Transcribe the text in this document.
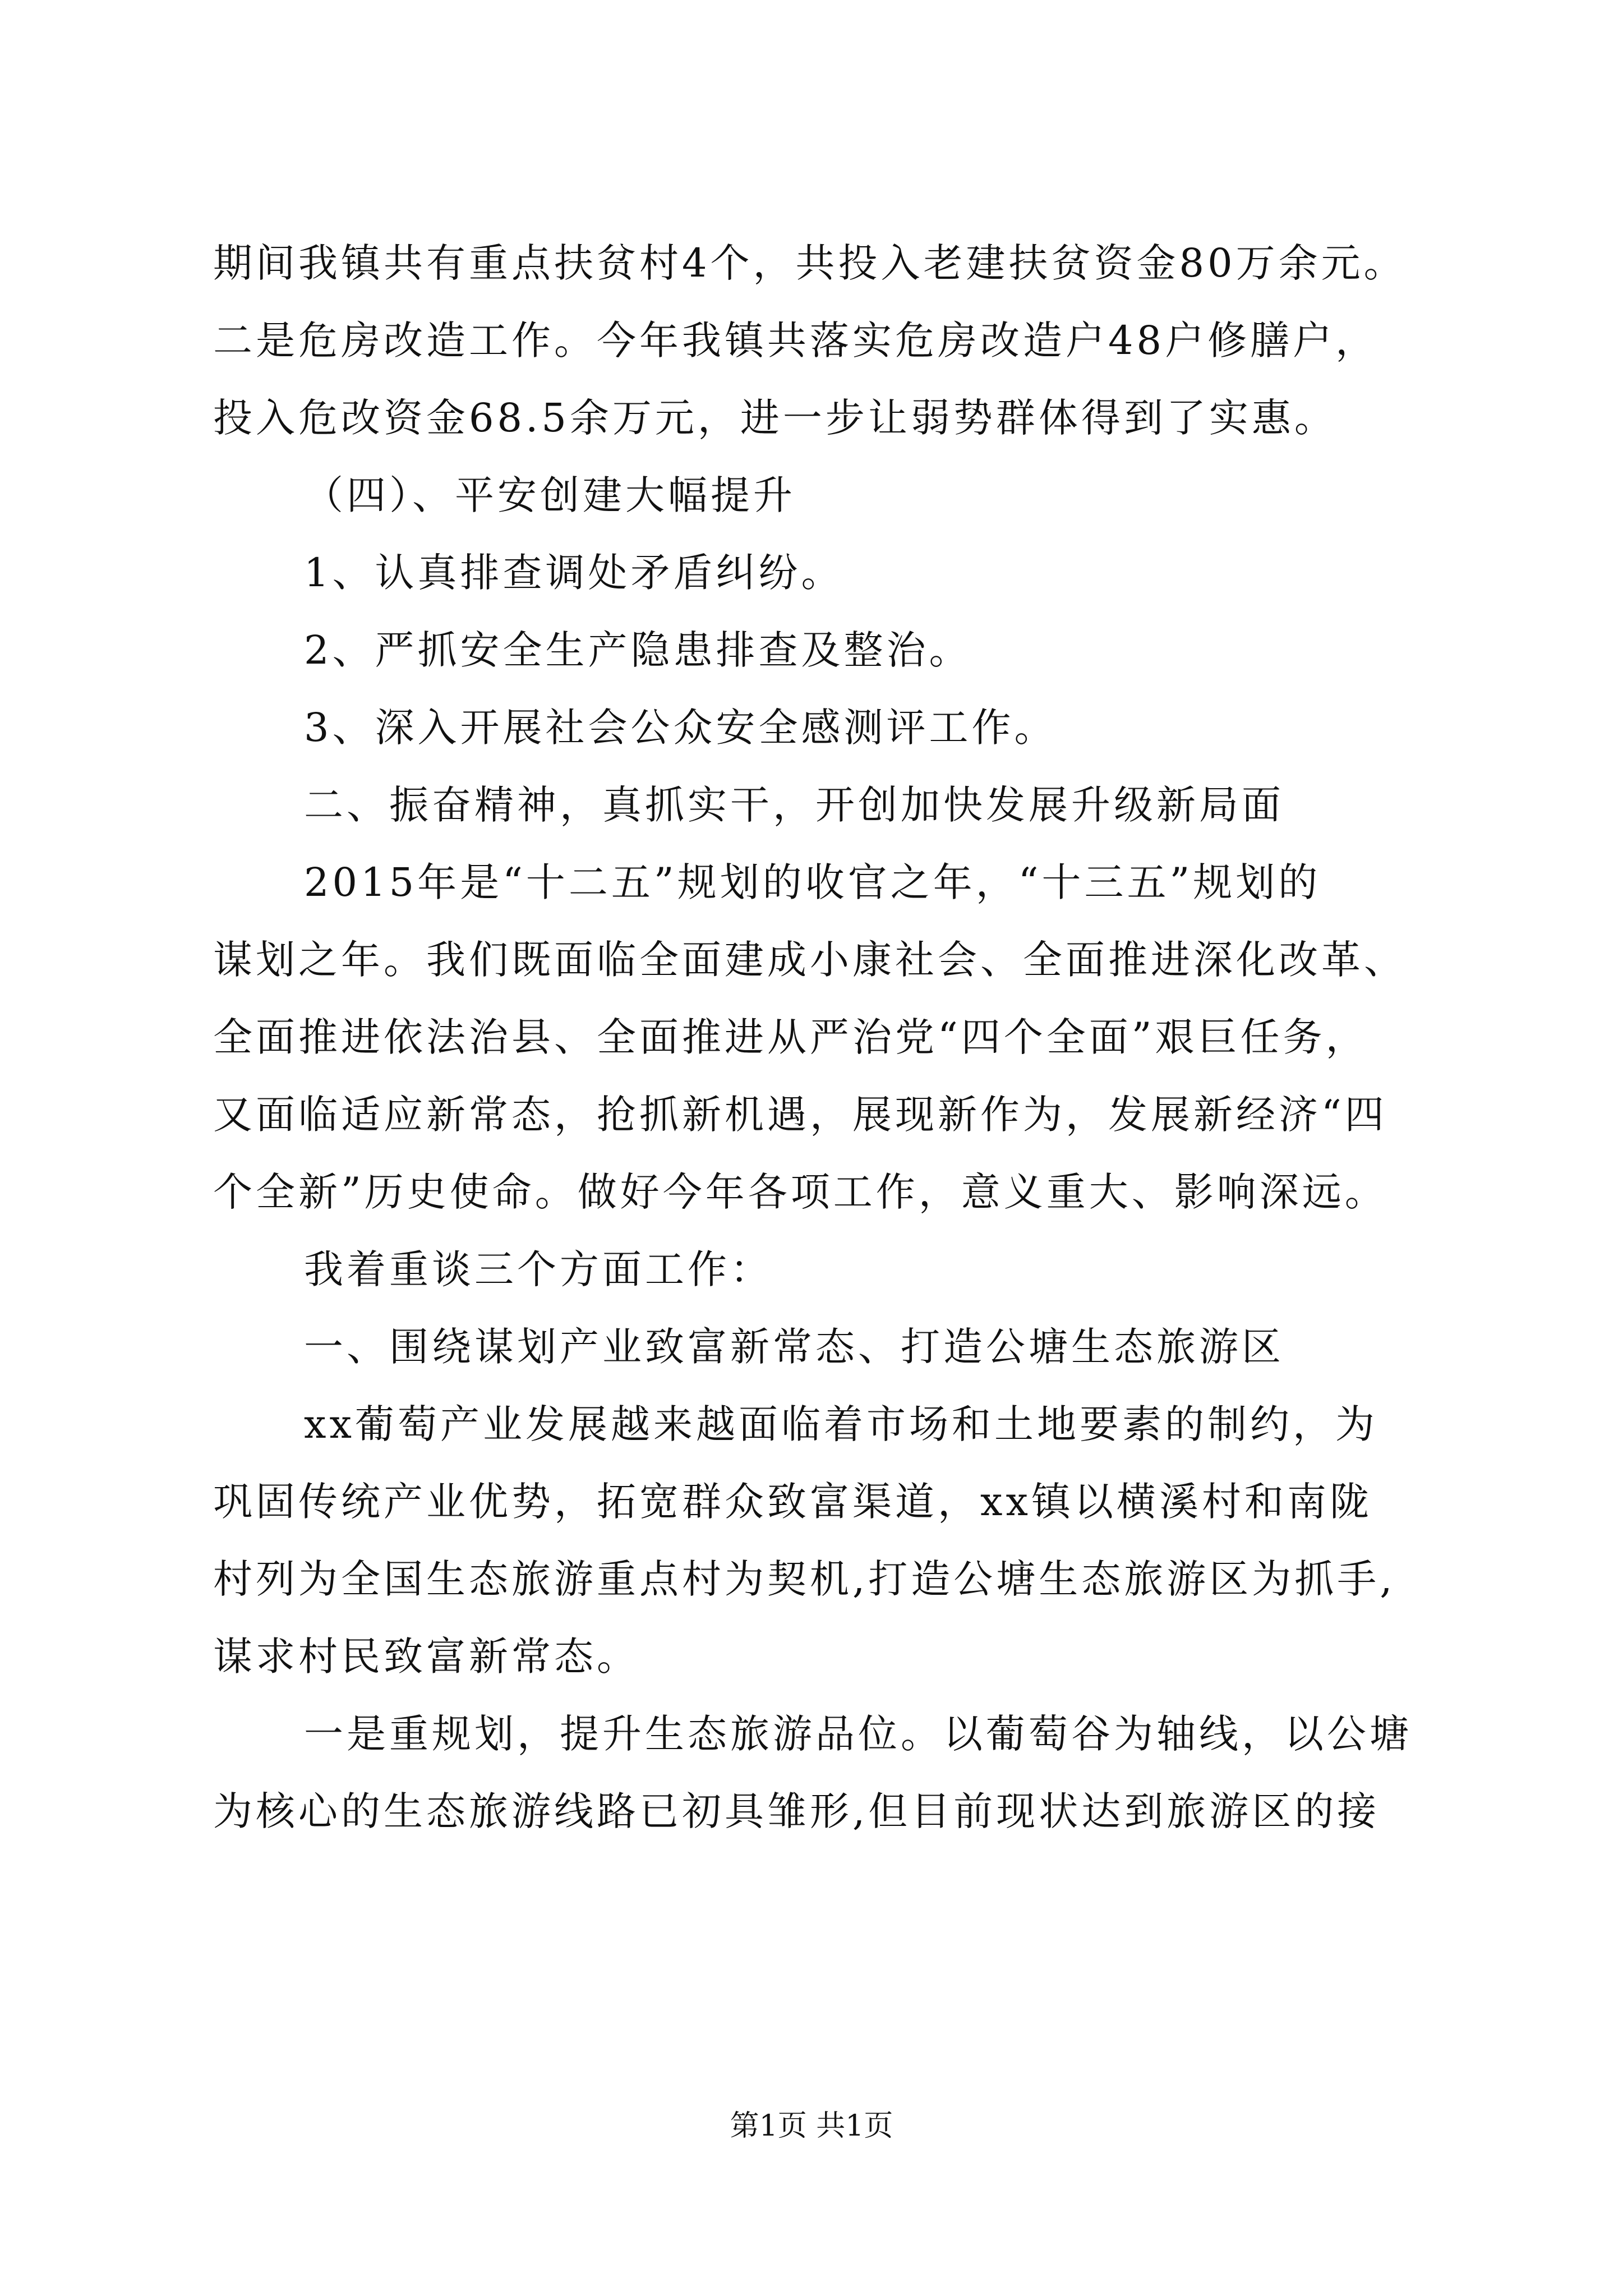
期间我镇共有重点扶贫村4个，共投入老建扶贫资金80万余元。
二是危房改造工作。今年我镇共落实危房改造户48户修膳户，
投入危改资金68.5余万元，进一步让弱势群体得到了实惠。
（四）、平安创建大幅提升
1、认真排查调处矛盾纠纷。
2、严抓安全生产隐患排查及整治。
3、深入开展社会公众安全感测评工作。
二、振奋精神，真抓实干，开创加快发展升级新局面
2015年是“十二五”规划的收官之年，“十三五”规划的
谋划之年。我们既面临全面建成小康社会、全面推进深化改革、
全面推进依法治县、全面推进从严治党“四个全面”艰巨任务，
又面临适应新常态，抢抓新机遇，展现新作为，发展新经济“四
个全新”历史使命。做好今年各项工作，意义重大、影响深远。
我着重谈三个方面工作：
一、围绕谋划产业致富新常态、打造公塘生态旅游区
xx葡萄产业发展越来越面临着市场和土地要素的制约，为
巩固传统产业优势，拓宽群众致富渠道，xx镇以横溪村和南陇
村列为全国生态旅游重点村为契机,打造公塘生态旅游区为抓手,
谋求村民致富新常态。
一是重规划，提升生态旅游品位。以葡萄谷为轴线，以公塘
为核心的生态旅游线路已初具雏形,但目前现状达到旅游区的接
第1页 共1页
